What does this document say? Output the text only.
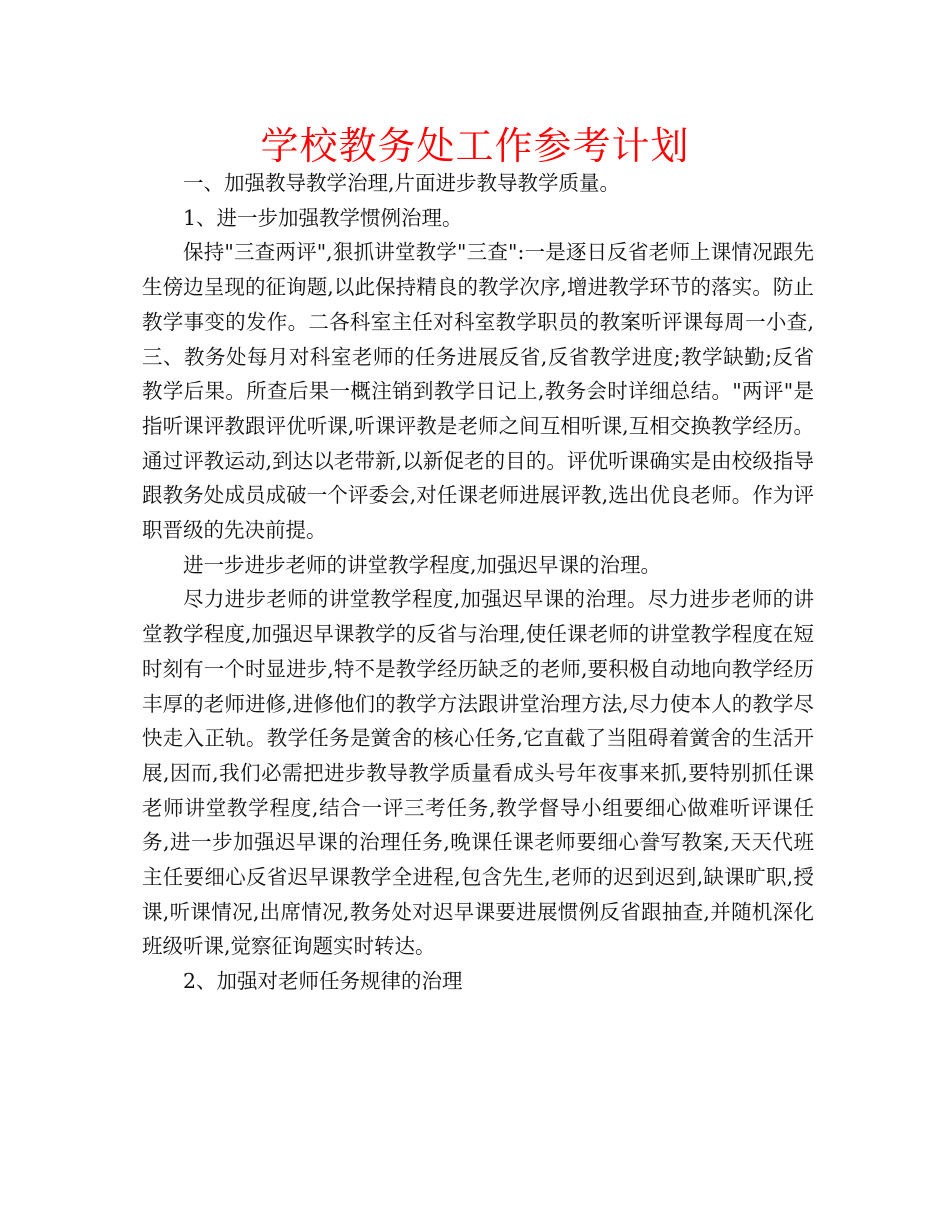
学校教务处工作参考计划

一、加强教导教学治理,片面进步教导教学质量。

1、进一步加强教学惯例治理。

保持"三查两评",狠抓讲堂教学"三查":一是逐日反省老师上课情况跟先生傍边呈现的征询题,以此保持精良的教学次序,增进教学环节的落实。防止教学事变的发作。二各科室主任对科室教学职员的教案听评课每周一小查,三、教务处每月对科室老师的任务进展反省,反省教学进度;教学缺勤;反省教学后果。所查后果一概注销到教学日记上,教务会时详细总结。"两评"是指听课评教跟评优听课,听课评教是老师之间互相听课,互相交换教学经历。通过评教运动,到达以老带新,以新促老的目的。评优听课确实是由校级指导跟教务处成员成破一个评委会,对任课老师进展评教,选出优良老师。作为评职晋级的先决前提。

进一步进步老师的讲堂教学程度,加强迟早课的治理。

尽力进步老师的讲堂教学程度,加强迟早课的治理。尽力进步老师的讲堂教学程度,加强迟早课教学的反省与治理,使任课老师的讲堂教学程度在短时刻有一个时显进步,特不是教学经历缺乏的老师,要积极自动地向教学经历丰厚的老师进修,进修他们的教学方法跟讲堂治理方法,尽力使本人的教学尽快走入正轨。教学任务是黉舍的核心任务,它直截了当阻碍着黉舍的生活开展,因而,我们必需把进步教导教学质量看成头号年夜事来抓,要特别抓任课老师讲堂教学程度,结合一评三考任务,教学督导小组要细心做难听评课任务,进一步加强迟早课的治理任务,晚课任课老师要细心誊写教案,天天代班主任要细心反省迟早课教学全进程,包含先生,老师的迟到迟到,缺课旷职,授课,听课情况,出席情况,教务处对迟早课要进展惯例反省跟抽查,并随机深化班级听课,觉察征询题实时转达。

2、加强对老师任务规律的治理
